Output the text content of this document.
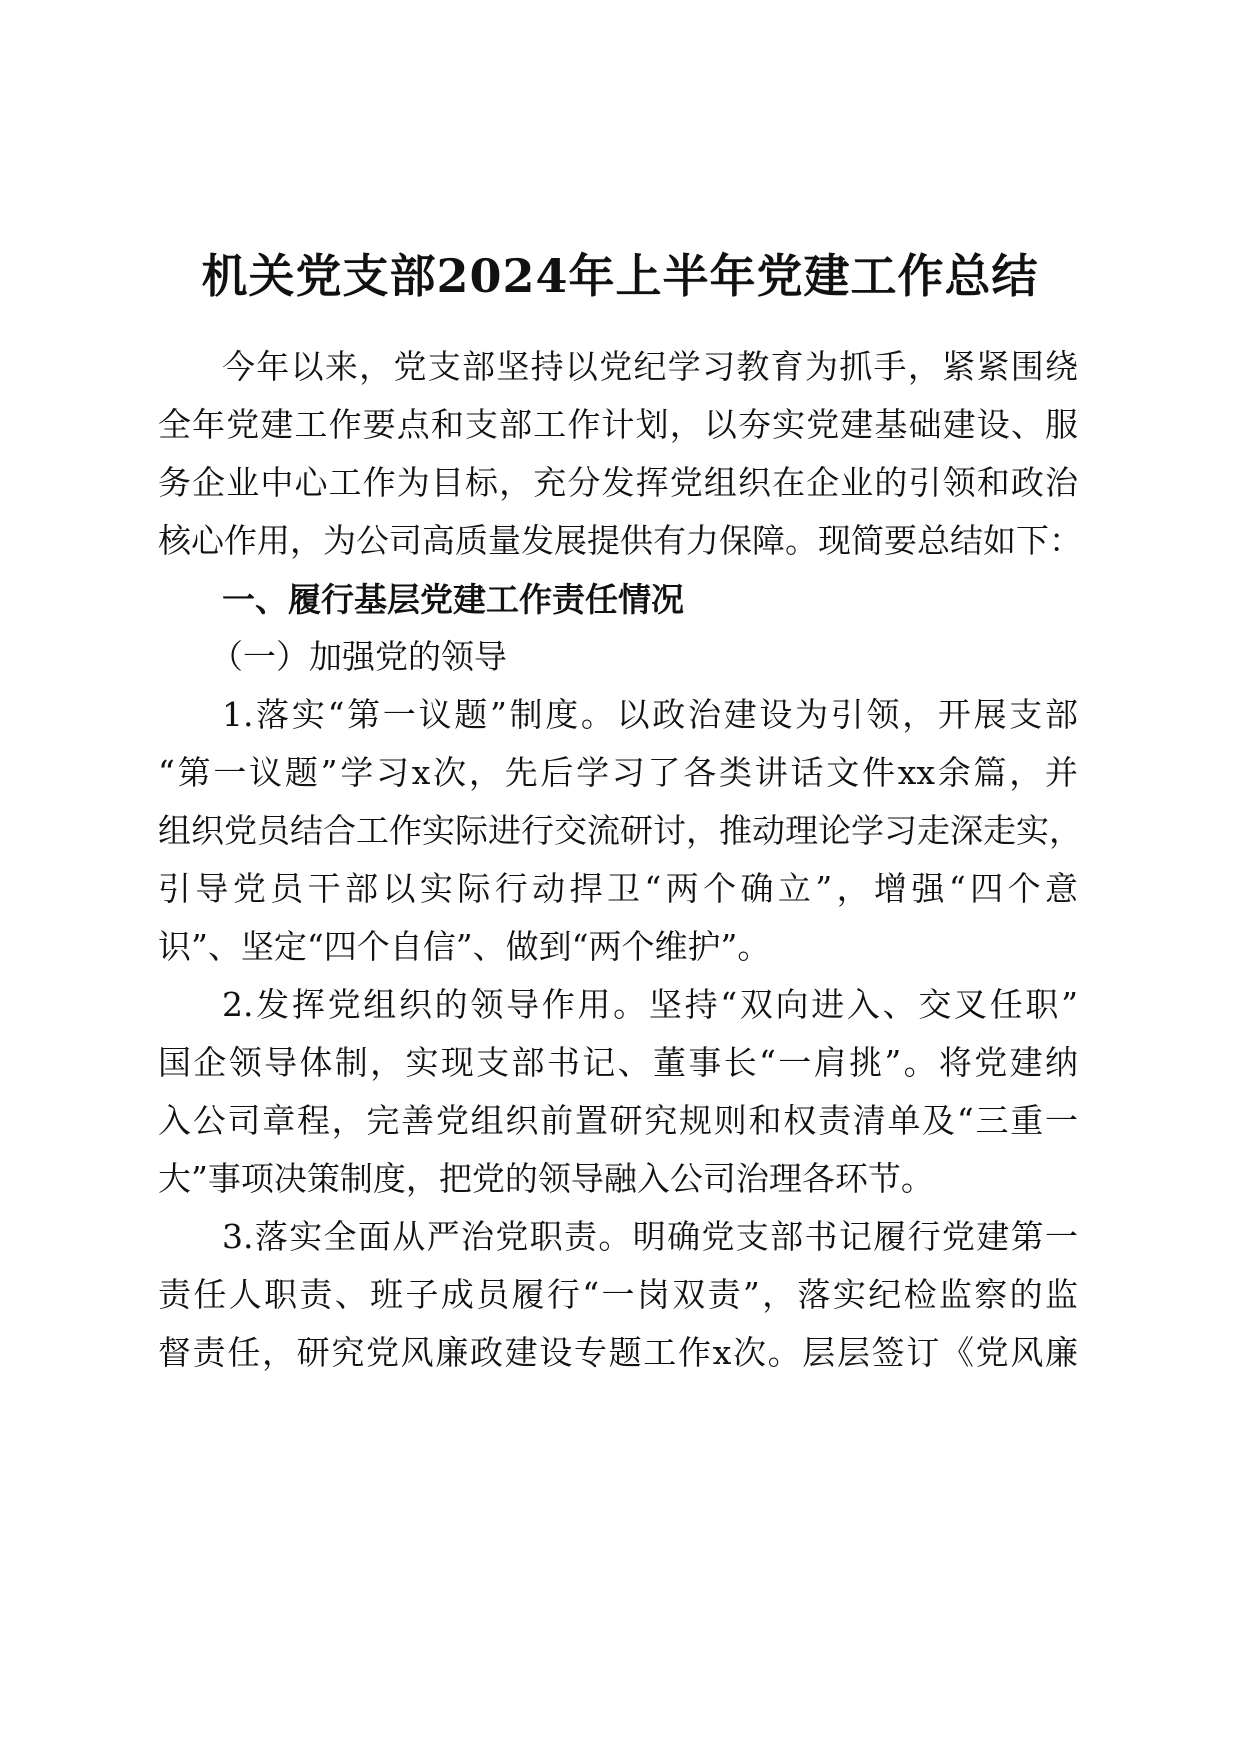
机关党支部2024年上半年党建工作总结
今年以来，党支部坚持以党纪学习教育为抓手，紧紧围绕
全年党建工作要点和支部工作计划，以夯实党建基础建设、服
务企业中心工作为目标，充分发挥党组织在企业的引领和政治
核心作用，为公司高质量发展提供有力保障。现简要总结如下：
一、履行基层党建工作责任情况
（一）加强党的领导
1.落实“第一议题”制度。以政治建设为引领，开展支部
“第一议题”学习x次，先后学习了各类讲话文件xx余篇，并
组织党员结合工作实际进行交流研讨，推动理论学习走深走实，
引导党员干部以实际行动捍卫“两个确立”，增强“四个意
识”、坚定“四个自信”、做到“两个维护”。
2.发挥党组织的领导作用。坚持“双向进入、交叉任职”
国企领导体制，实现支部书记、董事长“一肩挑”。将党建纳
入公司章程，完善党组织前置研究规则和权责清单及“三重一
大”事项决策制度，把党的领导融入公司治理各环节。
3.落实全面从严治党职责。明确党支部书记履行党建第一
责任人职责、班子成员履行“一岗双责”，落实纪检监察的监
督责任，研究党风廉政建设专题工作x次。层层签订《党风廉
